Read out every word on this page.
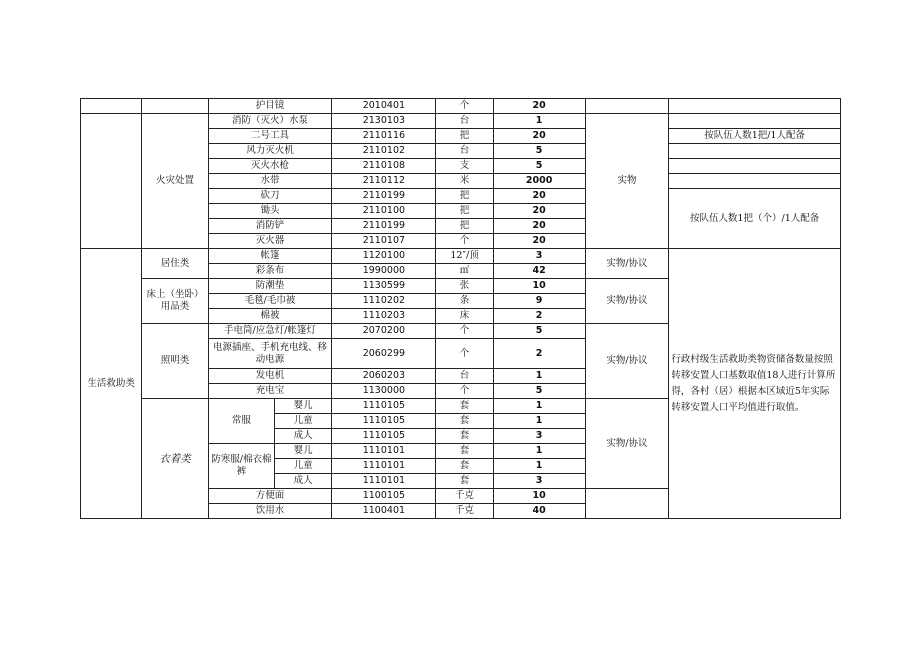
		护目镜		2010401	个	20		
	火灾处置	消防（灭火）水泵		2130103	台	1	实物	
		二号工具		2110116	把	20		按队伍人数1把/1人配备
		风力灭火机		2110102	台	5		
		灭火水枪		2110108	支	5		
		水带		2110112	米	2000		
		砍刀		2110199	把	20		按队伍人数1把（个）/1人配备
		锄头		2110100	把	20		
		消防铲		2110199	把	20		
		灭火器		2110107	个	20		
生活救助类	居住类	帐篷		1120100	12″/顶	3	实物/协议	行政村级生活救助类物资储备数量按照转移安置人口基数取值18人进行计算所得，各村（居）根据本区域近5年实际转移安置人口平均值进行取值。
		彩条布		1990000	㎡	42		
	床上（坐卧）用品类	防潮垫		1130599	张	10	实物/协议	
		毛毯/毛巾被		1110202	条	9		
		棉被		1110203	床	2		
	照明类	手电筒/应急灯/帐篷灯		2070200	个	5	实物/协议	
		电源插座、手机充电线、移动电源		2060299	个	2		
		发电机		2060203	台	1		
		充电宝		1130000	个	5		
	衣着类	常服	婴儿	1110105	套	1	实物/协议	
			儿童	1110105	套	1		
			成人	1110105	套	3		
		防寒服/棉衣棉裤	婴儿	1110101	套	1		
			儿童	1110101	套	1		
			成人	1110101	套	3		
		方便面		1100105	千克	10		
		饮用水		1100401	千克	40		
